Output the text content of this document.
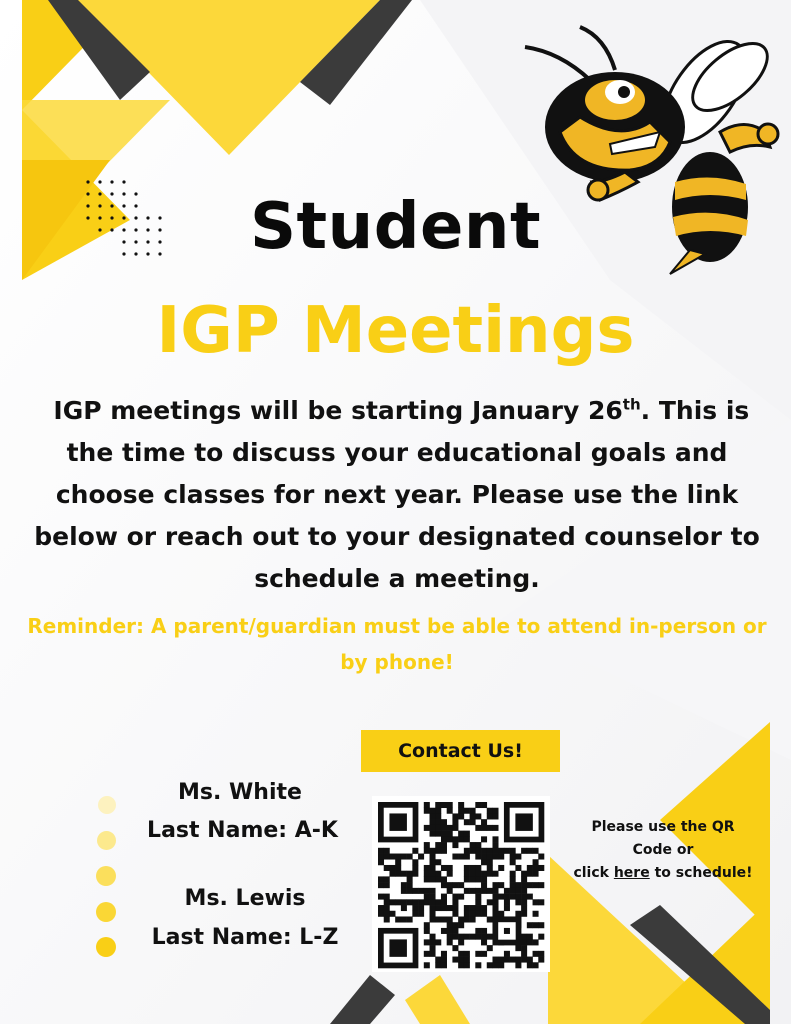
Student
IGP Meetings
IGP meetings will be starting January 26th. This is the time to discuss your educational goals and choose classes for next year. Please use the link below or reach out to your designated counselor to schedule a meeting.
Reminder: A parent/guardian must be able to attend in-person or by phone!
Contact Us!
Ms. White
Last Name: A-K
Ms. Lewis
Last Name: L-Z
Please use the QR
Code or
click here to schedule!
